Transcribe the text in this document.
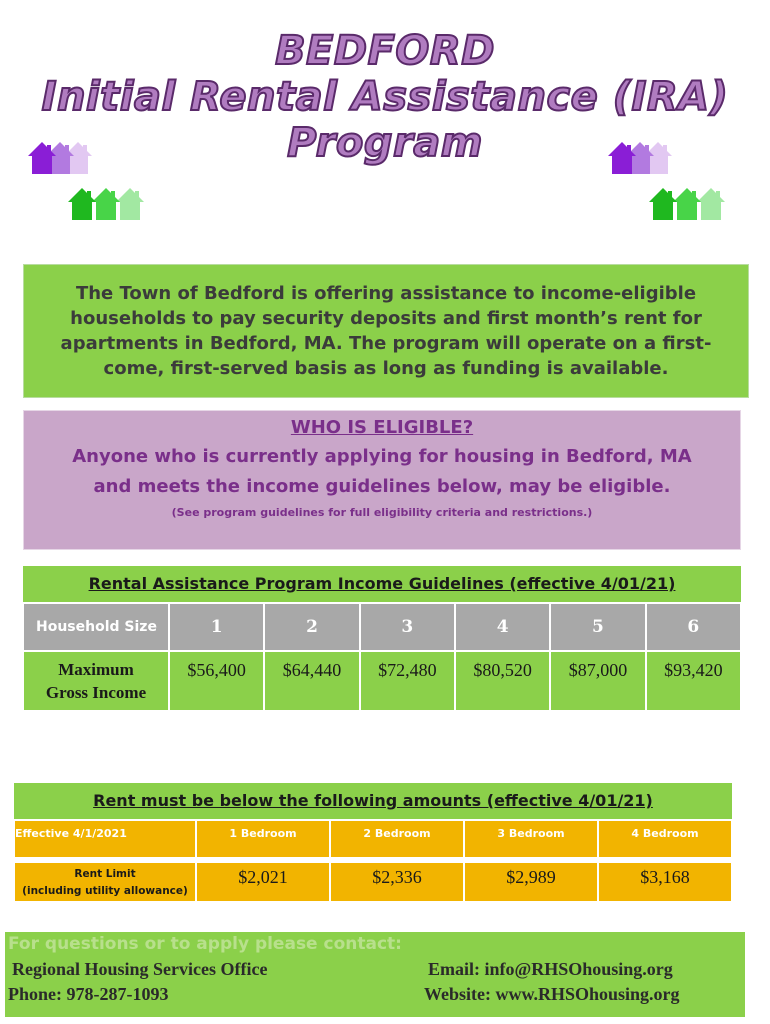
BEDFORD
Initial Rental Assistance (IRA)
Program

The Town of Bedford is offering assistance to income-eligible households to pay security deposits and first month’s rent for apartments in Bedford, MA. The program will operate on a first-come, first-served basis as long as funding is available.

WHO IS ELIGIBLE?
Anyone who is currently applying for housing in Bedford, MA
and meets the income guidelines below, may be eligible.
(See program guidelines for full eligibility criteria and restrictions.)
Rental Assistance Program Income Guidelines (effective 4/01/21)
Household Size	1	2	3	4	5	6
Maximum
Gross Income	$56,400	$64,440	$72,480	$80,520	$87,000	$93,420
Rent must be below the following amounts (effective 4/01/21)
Effective 4/1/2021	1 Bedroom	2 Bedroom	3 Bedroom	4 Bedroom

Rent Limit
(including utility allowance)	$2,021	$2,336	$2,989	$3,168
For questions or to apply please contact:
Regional Housing Services Office
Phone: 978-287-1093
Email: info@RHSOhousing.org
Website: www.RHSOhousing.org
